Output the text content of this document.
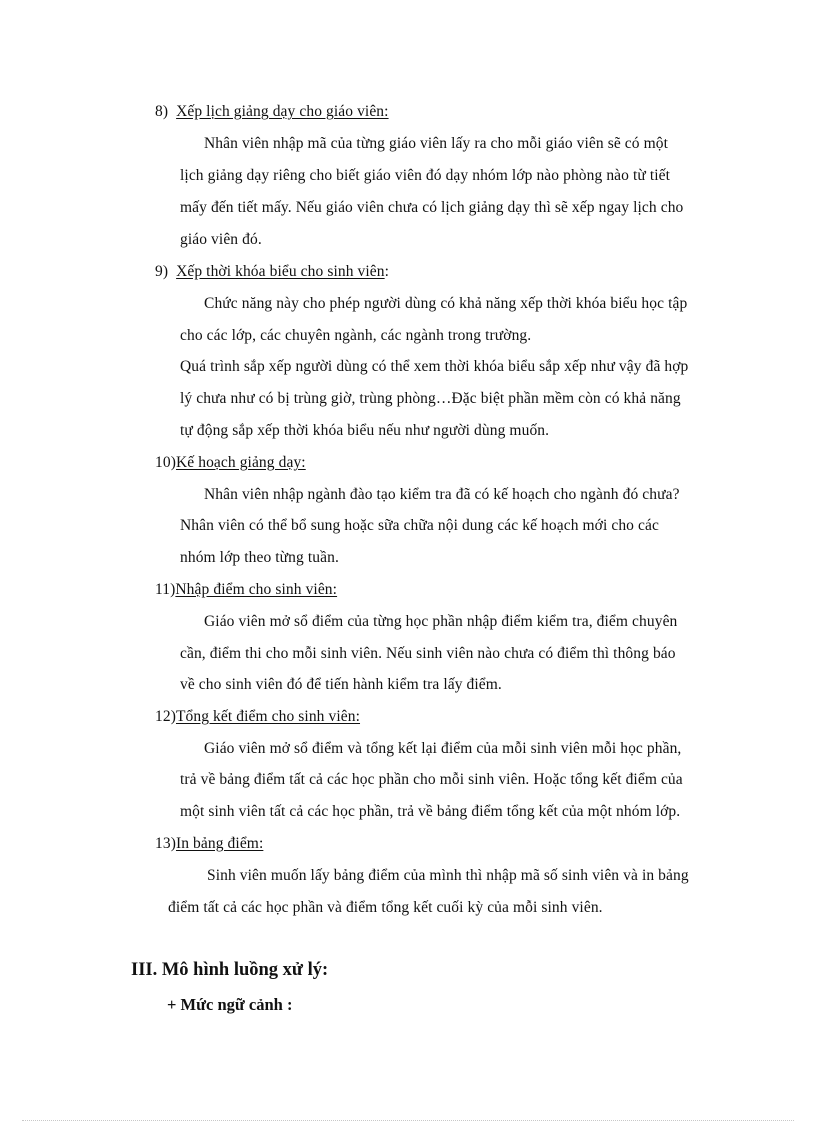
8) Xếp lịch giảng dạy cho giáo viên:
Nhân viên nhập mã của từng giáo viên lấy ra cho mỗi giáo viên sẽ có một
lịch giảng dạy riêng cho biết giáo viên đó dạy nhóm lớp nào phòng nào từ tiết
mấy đến tiết mấy. Nếu giáo viên chưa có lịch giảng dạy thì sẽ xếp ngay lịch cho
giáo viên đó.
9) Xếp thời khóa biểu cho sinh viên:
Chức năng này cho phép người dùng có khả năng xếp thời khóa biểu học tập
cho các lớp, các chuyên ngành, các ngành trong trường.
Quá trình sắp xếp người dùng có thể xem thời khóa biểu sắp xếp như vậy đã hợp
lý chưa như có bị trùng giờ, trùng phòng…Đặc biệt phần mềm còn có khả năng
tự động sắp xếp thời khóa biểu nếu như người dùng muốn.
10)Kế hoạch giảng dạy:
Nhân viên nhập ngành đào tạo kiểm tra đã có kế hoạch cho ngành đó chưa?
Nhân viên có thể bổ sung hoặc sữa chữa nội dung các kế hoạch mới cho các
nhóm lớp theo từng tuần.
11)Nhập điểm cho sinh viên:
Giáo viên mở sổ điểm của từng học phần nhập điểm kiểm tra, điểm chuyên
cần, điểm thi cho mỗi sinh viên. Nếu sinh viên nào chưa có điểm thì thông báo
về cho sinh viên đó để tiến hành kiểm tra lấy điểm.
12)Tổng kết điểm cho sinh viên:
Giáo viên mở sổ điểm và tổng kết lại điểm của mỗi sinh viên mỗi học phần,
trả về bảng điểm tất cả các học phần cho mỗi sinh viên. Hoặc tổng kết điểm của
một sinh viên tất cả các học phần, trả về bảng điểm tổng kết của một nhóm lớp.
13)In bảng điểm:
Sinh viên muốn lấy bảng điểm của mình thì nhập mã số sinh viên và in bảng
điểm tất cả các học phần và điểm tổng kết cuối kỳ của mỗi sinh viên.
III. Mô hình luồng xử lý:
+ Mức ngữ cảnh :
